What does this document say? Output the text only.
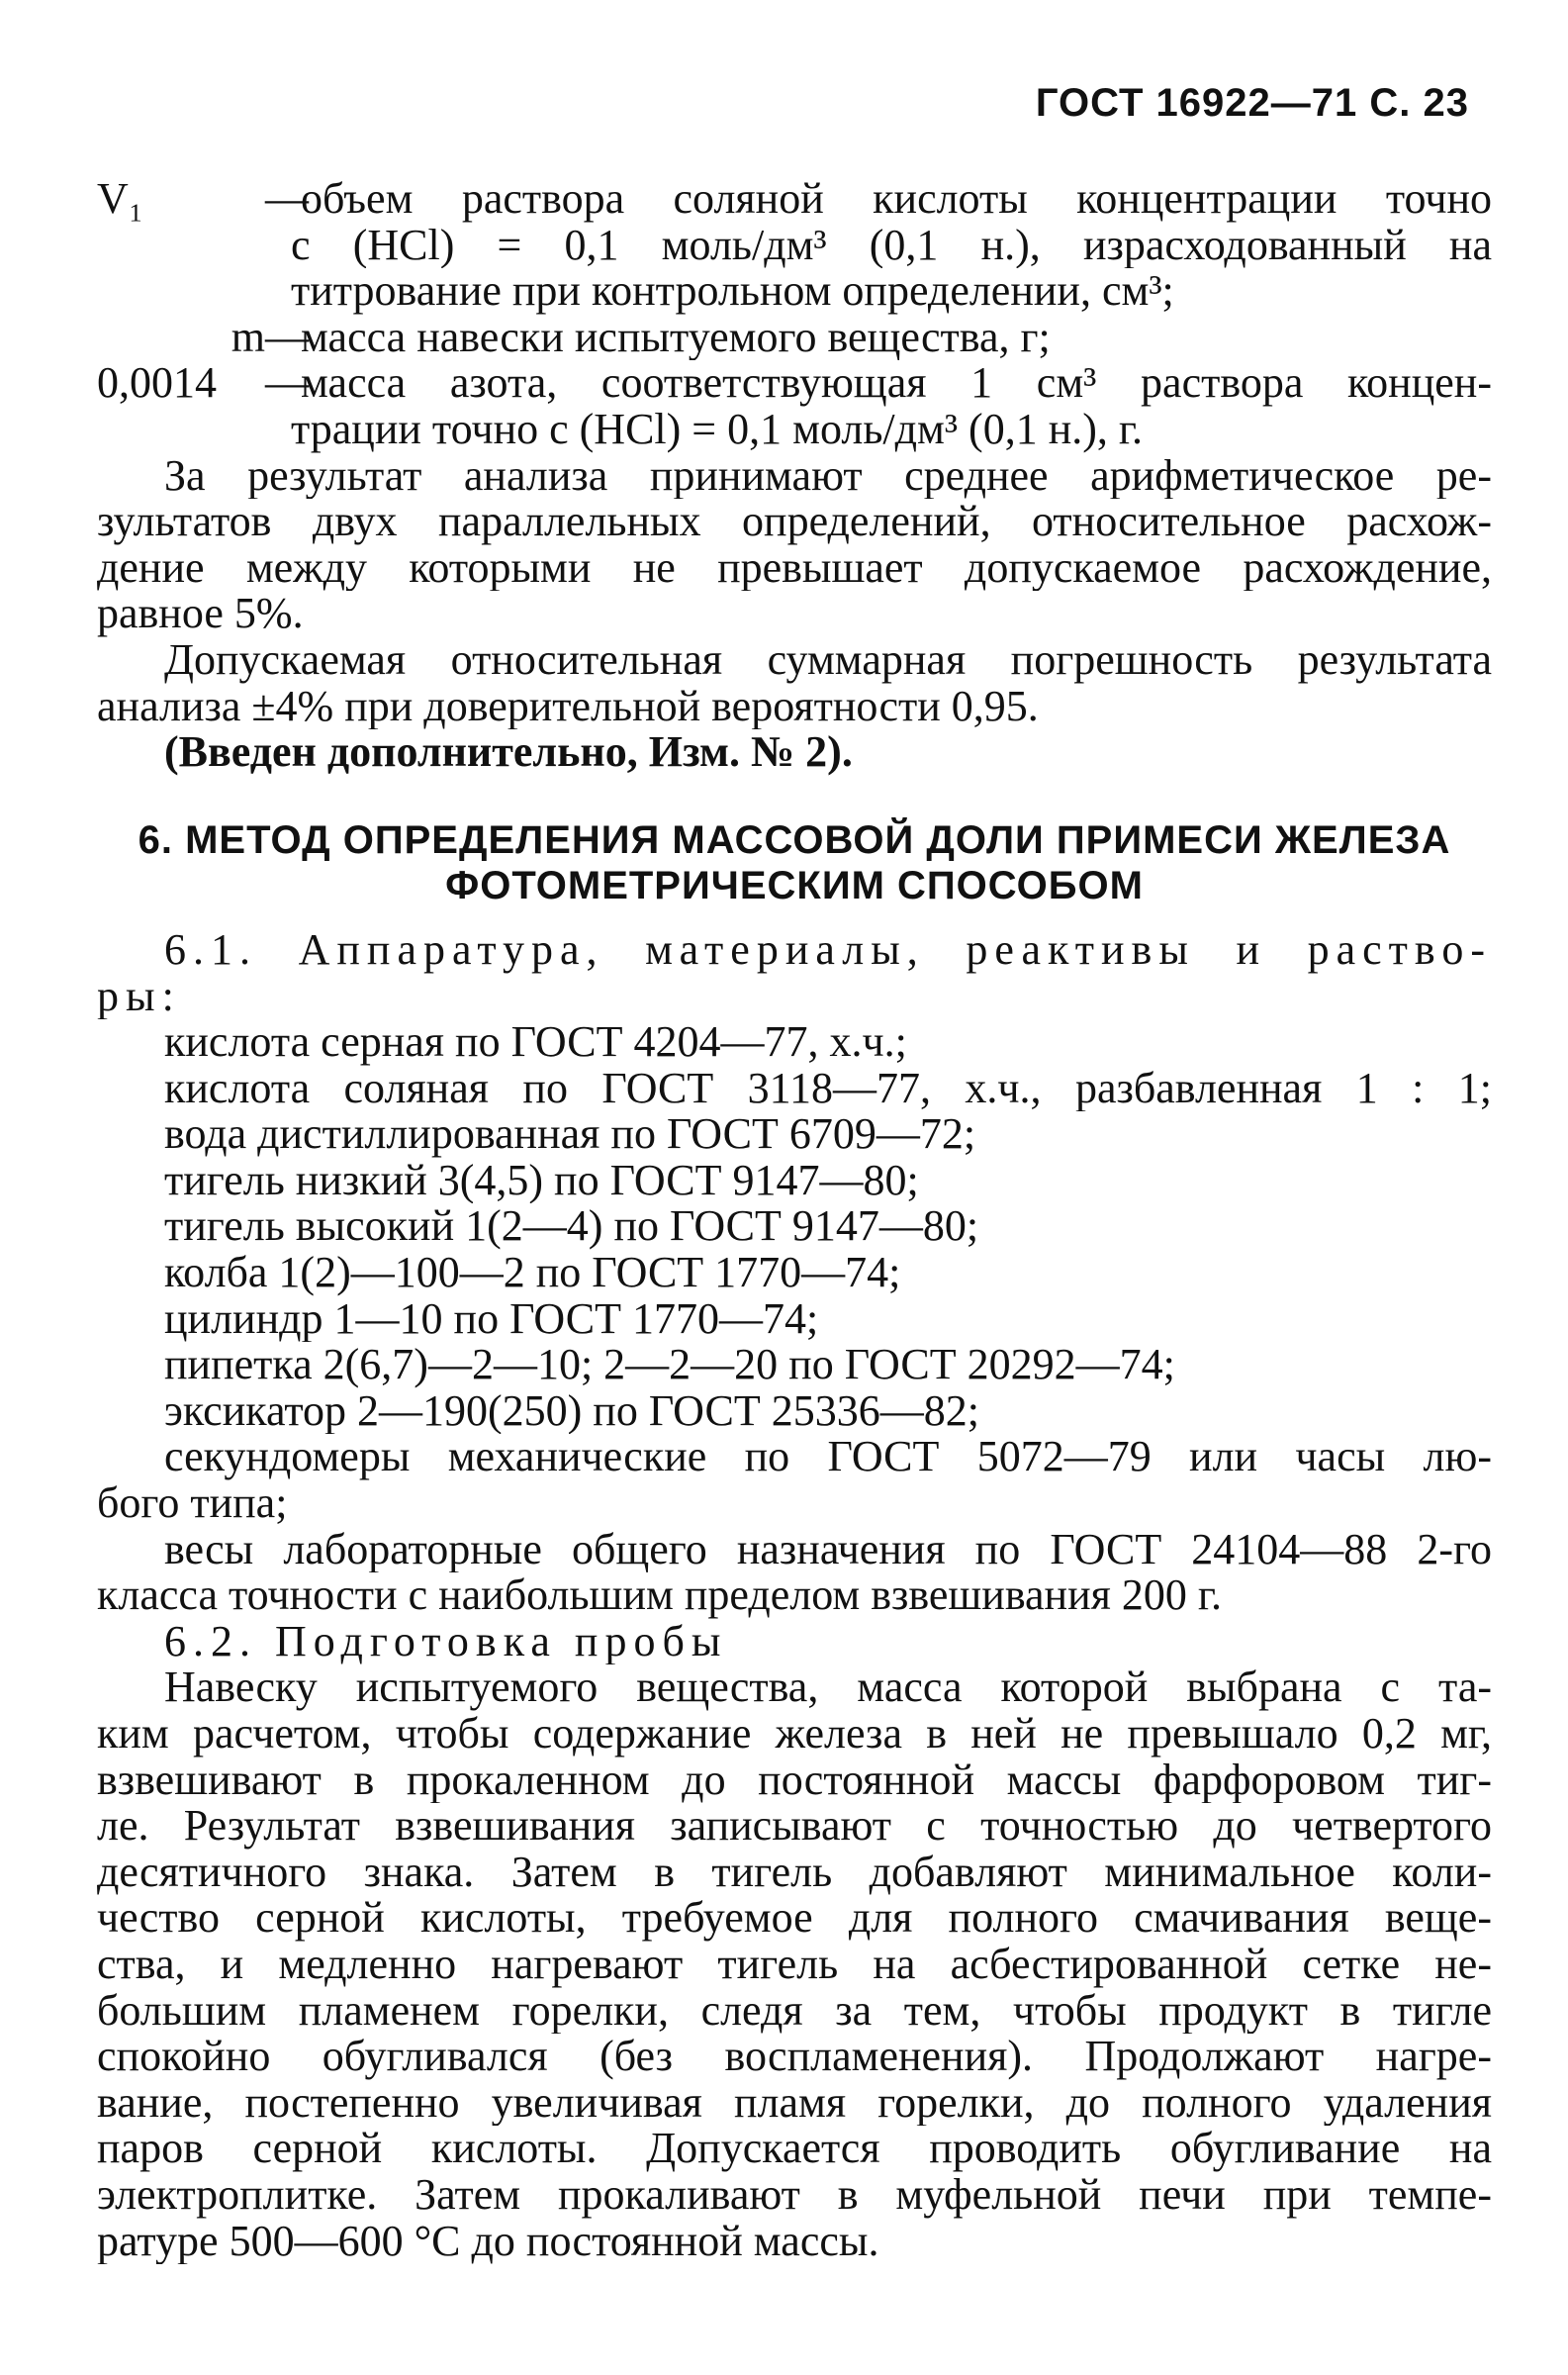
ГОСТ 16922—71 С. 23
V₁	—объем раствора соляной кислоты концентрации точно
c (HCl) = 0,1 моль/дм³ (0,1 н.), израсходованный на
титрование при контрольном определении, см³;
m—масса навески испытуемого вещества, г;
0,0014 —масса азота, соответствующая 1 см³ раствора концен-
трации точно c (HCl) = 0,1 моль/дм³ (0,1 н.), г.
За результат анализа принимают среднее арифметическое ре-
зультатов двух параллельных определений, относительное расхож-
дение между которыми не превышает допускаемое расхождение,
равное 5%.
Допускаемая относительная суммарная погрешность результата
анализа ±4% при доверительной вероятности 0,95.
(Введен дополнительно, Изм. № 2).
6. МЕТОД ОПРЕДЕЛЕНИЯ МАССОВОЙ ДОЛИ ПРИМЕСИ ЖЕЛЕЗА
ФОТОМЕТРИЧЕСКИМ СПОСОБОМ
6.1. Аппаратура, материалы, реактивы и раство-
ры:
кислота серная по ГОСТ 4204—77, х.ч.;
кислота соляная по ГОСТ 3118—77, х.ч., разбавленная 1 : 1;
вода дистиллированная по ГОСТ 6709—72;
тигель низкий 3(4,5) по ГОСТ 9147—80;
тигель высокий 1(2—4) по ГОСТ 9147—80;
колба 1(2)—100—2 по ГОСТ 1770—74;
цилиндр 1—10 по ГОСТ 1770—74;
пипетка 2(6,7)—2—10; 2—2—20 по ГОСТ 20292—74;
эксикатор 2—190(250) по ГОСТ 25336—82;
секундомеры механические по ГОСТ 5072—79 или часы лю-
бого типа;
весы лабораторные общего назначения по ГОСТ 24104—88 2-го
класса точности с наибольшим пределом взвешивания 200 г.
6.2. Подготовка пробы
Навеску испытуемого вещества, масса которой выбрана с та-
ким расчетом, чтобы содержание железа в ней не превышало 0,2 мг,
взвешивают в прокаленном до постоянной массы фарфоровом тиг-
ле. Результат взвешивания записывают с точностью до четвертого
десятичного знака. Затем в тигель добавляют минимальное коли-
чество серной кислоты, требуемое для полного смачивания веще-
ства, и медленно нагревают тигель на асбестированной сетке не-
большим пламенем горелки, следя за тем, чтобы продукт в тигле
спокойно обугливался (без воспламенения). Продолжают нагре-
вание, постепенно увеличивая пламя горелки, до полного удаления
паров серной кислоты. Допускается проводить обугливание на
электроплитке. Затем прокаливают в муфельной печи при темпе-
ратуре 500—600 °С до постоянной массы.
